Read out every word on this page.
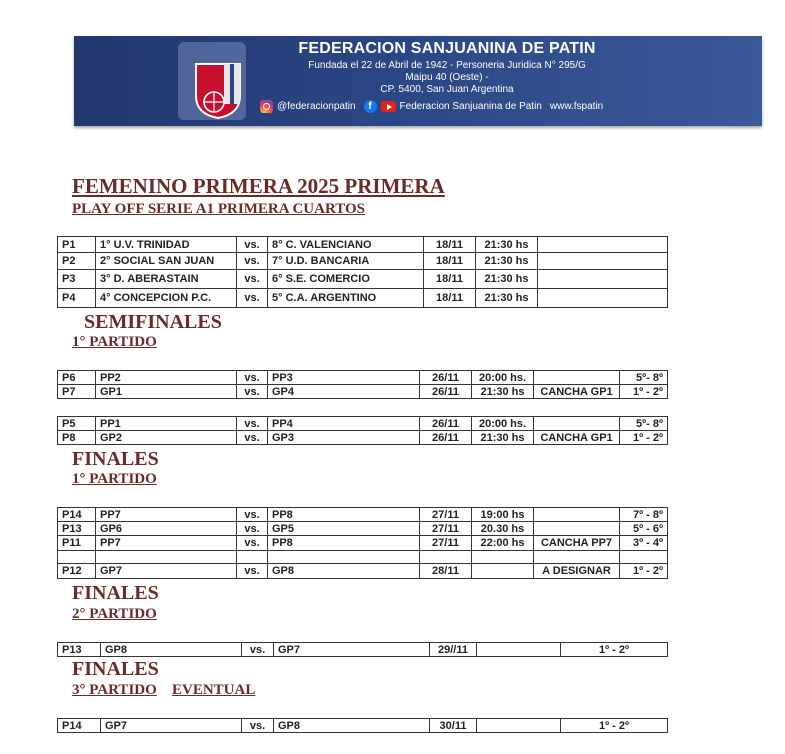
FEDERACION SANJUANINA DE PATIN
Fundada el 22 de Abril de 1942 - Personeria Juridica N° 295/G
Maipu 40 (Oeste) -
CP. 5400, San Juan Argentina
@federacionpatin	f	Federacion Sanjuanina de Patin www.fspatin
FEMENINO PRIMERA 2025 PRIMERA
PLAY OFF SERIE A1 PRIMERA CUARTOS
P1	1° U.V. TRINIDAD	vs.	8° C. VALENCIANO	18/11	21:30 hs	
P2	2° SOCIAL SAN JUAN	vs.	7° U.D. BANCARIA	18/11	21:30 hs	
P3	3° D. ABERASTAIN	vs.	6° S.E. COMERCIO	18/11	21:30 hs	
P4	4° CONCEPCION P.C.	vs.	5° C.A. ARGENTINO	18/11	21:30 hs	
SEMIFINALES
1° PARTIDO
P6	PP2	vs.	PP3	26/11	20:00 hs.		5º- 8º
P7	GP1	vs.	GP4	26/11	21:30 hs	CANCHA GP1	1º - 2º
P5	PP1	vs.	PP4	26/11	20:00 hs.		5º- 8º
P8	GP2	vs.	GP3	26/11	21:30 hs	CANCHA GP1	1º - 2º
FINALES
1° PARTIDO
P14	PP7	vs.	PP8	27/11	19:00 hs		7º - 8º
P13	GP6	vs.	GP5	27/11	20.30 hs		5º - 6º
P11	PP7	vs.	PP8	27/11	22:00 hs	CANCHA PP7	3º - 4º

P12	GP7	vs.	GP8	28/11		A DESIGNAR	1º - 2º
FINALES
2° PARTIDO
P13	GP8	vs.	GP7	29//11		1º - 2º
FINALES
3° PARTIDO EVENTUAL
P14	GP7	vs.	GP8	30/11		1º - 2º
